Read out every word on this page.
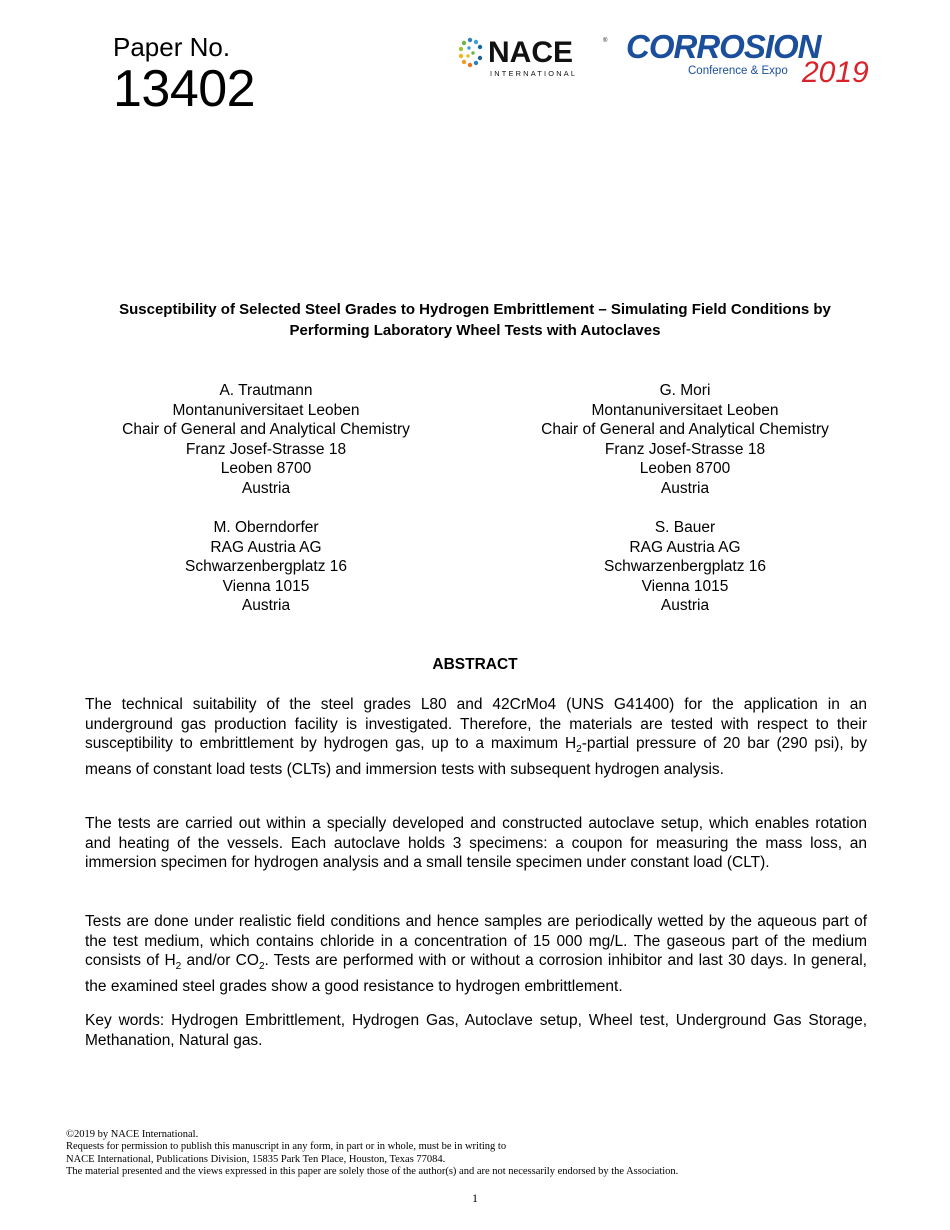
Paper No.
13402
NACE	®
INTERNATIONAL
CORROSION
Conference & Expo 2019
Susceptibility of Selected Steel Grades to Hydrogen Embrittlement – Simulating Field Conditions by Performing Laboratory Wheel Tests with Autoclaves
A. Trautmann
Montanuniversitaet Leoben
Chair of General and Analytical Chemistry
Franz Josef-Strasse 18
Leoben 8700
Austria
G. Mori
Montanuniversitaet Leoben
Chair of General and Analytical Chemistry
Franz Josef-Strasse 18
Leoben 8700
Austria
M. Oberndorfer
RAG Austria AG
Schwarzenbergplatz 16
Vienna 1015
Austria
S. Bauer
RAG Austria AG
Schwarzenbergplatz 16
Vienna 1015
Austria
ABSTRACT
The technical suitability of the steel grades L80 and 42CrMo4 (UNS G41400) for the application in an underground gas production facility is investigated. Therefore, the materials are tested with respect to their susceptibility to embrittlement by hydrogen gas, up to a maximum $H_2$-partial pressure of 20 bar (290 psi), by means of constant load tests (CLTs) and immersion tests with subsequent hydrogen analysis.
The tests are carried out within a specially developed and constructed autoclave setup, which enables rotation and heating of the vessels. Each autoclave holds 3 specimens: a coupon for measuring the mass loss, an immersion specimen for hydrogen analysis and a small tensile specimen under constant load (CLT).
Tests are done under realistic field conditions and hence samples are periodically wetted by the aqueous part of the test medium, which contains chloride in a concentration of 15 000 mg/L. The gaseous part of the medium consists of $H_2$ and/or $CO_2$. Tests are performed with or without a corrosion inhibitor and last 30 days. In general, the examined steel grades show a good resistance to hydrogen embrittlement.
Key words: Hydrogen Embrittlement, Hydrogen Gas, Autoclave setup, Wheel test, Underground Gas Storage, Methanation, Natural gas.
©2019 by NACE International.
Requests for permission to publish this manuscript in any form, in part or in whole, must be in writing to
NACE International, Publications Division, 15835 Park Ten Place, Houston, Texas 77084.
The material presented and the views expressed in this paper are solely those of the author(s) and are not necessarily endorsed by the Association.
1
